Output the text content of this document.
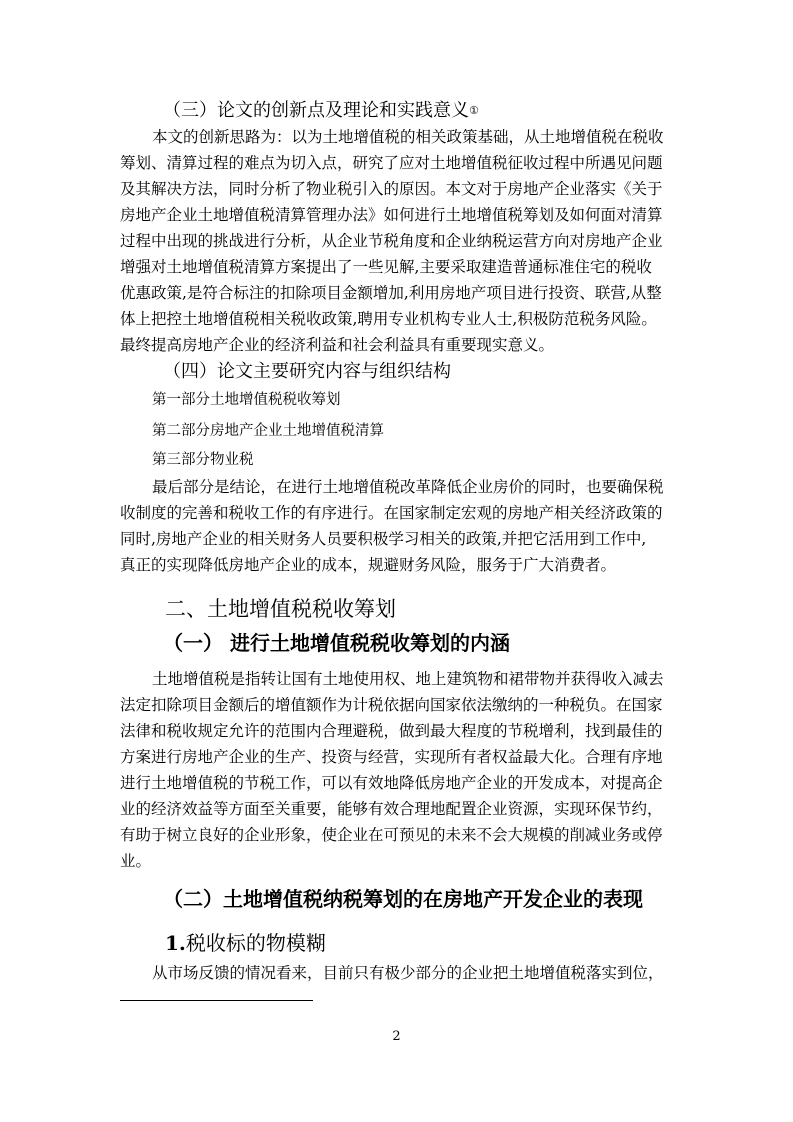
（三）论文的创新点及理论和实践意义①
本文的创新思路为：以为土地增值税的相关政策基础，从土地增值税在税收
筹划、清算过程的难点为切入点，研究了应对土地增值税征收过程中所遇见问题
及其解决方法，同时分析了物业税引入的原因。本文对于房地产企业落实《关于
房地产企业土地增值税清算管理办法》如何进行土地增值税筹划及如何面对清算
过程中出现的挑战进行分析，从企业节税角度和企业纳税运营方向对房地产企业
增强对土地增值税清算方案提出了一些见解,主要采取建造普通标准住宅的税收
优惠政策,是符合标注的扣除项目金额增加,利用房地产项目进行投资、联营,从整
体上把控土地增值税相关税收政策,聘用专业机构专业人士,积极防范税务风险。
最终提高房地产企业的经济利益和社会利益具有重要现实意义。
（四）论文主要研究内容与组织结构
第一部分土地增值税税收筹划
第二部分房地产企业土地增值税清算
第三部分物业税
最后部分是结论，在进行土地增值税改革降低企业房价的同时，也要确保税
收制度的完善和税收工作的有序进行。在国家制定宏观的房地产相关经济政策的
同时,房地产企业的相关财务人员要积极学习相关的政策,并把它活用到工作中,
真正的实现降低房地产企业的成本，规避财务风险，服务于广大消费者。
二、土地增值税税收筹划
（一） 进行土地增值税税收筹划的内涵
土地增值税是指转让国有土地使用权、地上建筑物和裙带物并获得收入减去
法定扣除项目金额后的增值额作为计税依据向国家依法缴纳的一种税负。在国家
法律和税收规定允许的范围内合理避税，做到最大程度的节税增利，找到最佳的
方案进行房地产企业的生产、投资与经营，实现所有者权益最大化。合理有序地
进行土地增值税的节税工作，可以有效地降低房地产企业的开发成本，对提高企
业的经济效益等方面至关重要，能够有效合理地配置企业资源，实现环保节约，
有助于树立良好的企业形象，使企业在可预见的未来不会大规模的削减业务或停
业。
（二）土地增值税纳税筹划的在房地产开发企业的表现
1.税收标的物模糊
从市场反馈的情况看来，目前只有极少部分的企业把土地增值税落实到位，
2
